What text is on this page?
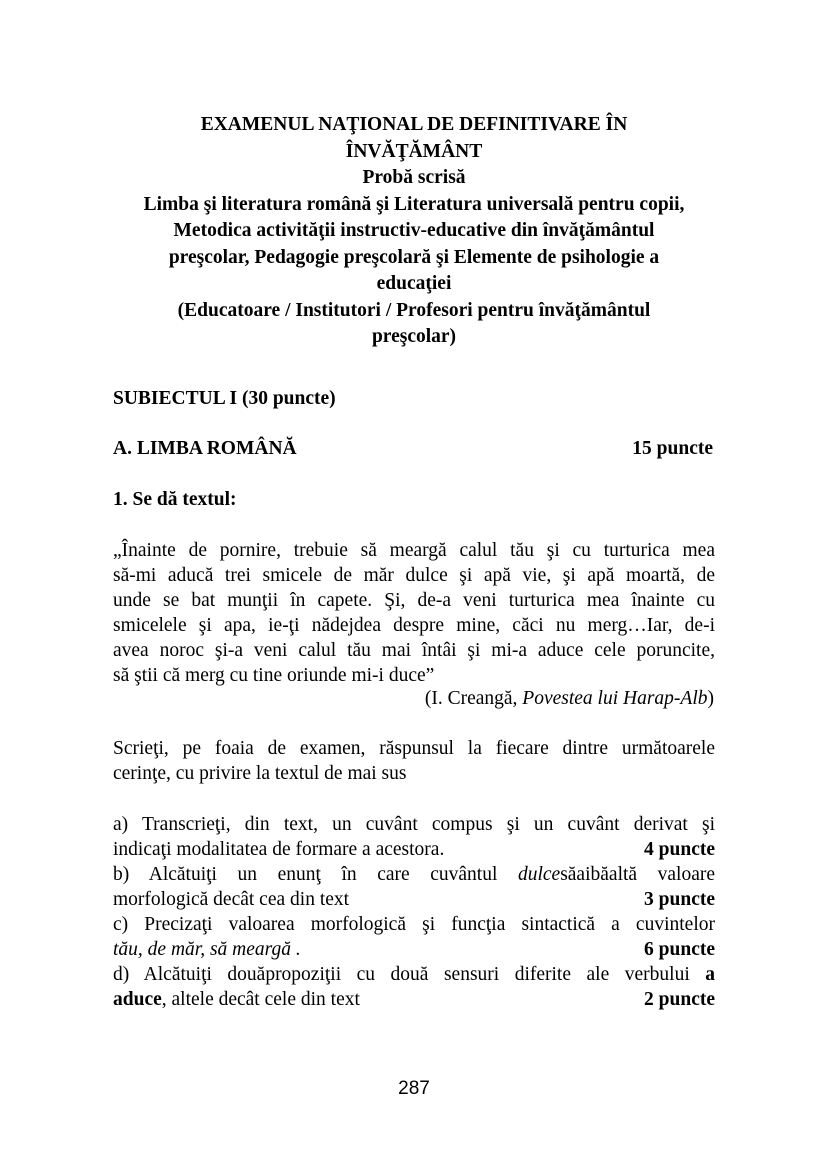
EXAMENUL NAŢIONAL DE DEFINITIVARE ÎN
ÎNVĂŢĂMÂNT
Probă scrisă
Limba şi literatura română şi Literatura universală pentru copii,
Metodica activităţii instructiv-educative din învăţământul
preşcolar, Pedagogie preşcolară şi Elemente de psihologie a
educaţiei
(Educatoare / Institutori / Profesori pentru învăţământul
preşcolar)
SUBIECTUL I (30 puncte)
A. LIMBA ROMÂNĂ	15 puncte
1. Se dă textul:
„Înainte de pornire, trebuie să meargă calul tău şi cu turturica mea
să-mi aducă trei smicele de măr dulce şi apă vie, şi apă moartă, de
unde se bat munţii în capete. Şi, de-a veni turturica mea înainte cu
smicelele şi apa, ie-ţi nădejdea despre mine, căci nu merg…Iar, de-i
avea noroc şi-a veni calul tău mai întâi şi mi-a aduce cele poruncite,
să ştii că merg cu tine oriunde mi-i duce”
(I. Creangă, Povestea lui Harap-Alb)
Scrieţi, pe foaia de examen, răspunsul la fiecare dintre următoarele
cerinţe, cu privire la textul de mai sus
a) Transcrieţi, din text, un cuvânt compus şi un cuvânt derivat şi
indicaţi modalitatea de formare a acestora.	4 puncte
b) Alcătuiţi un enunţ în care cuvântul dulcesăaibăaltă valoare
morfologică decât cea din text	3 puncte
c) Precizaţi valoarea morfologică şi funcţia sintactică a cuvintelor
tău, de măr, să meargă .	6 puncte
d) Alcătuiţi douăpropoziţii cu două sensuri diferite ale verbului a
aduce, altele decât cele din text	2 puncte
287
